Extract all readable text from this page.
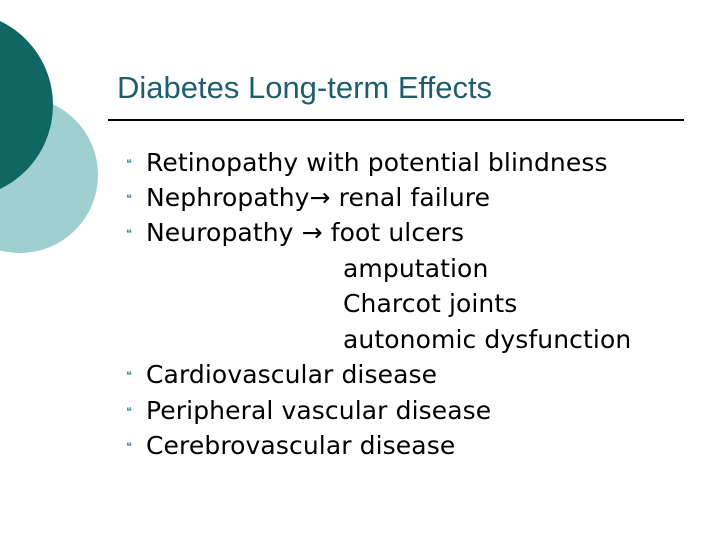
Diabetes Long-term Effects
❝ Retinopathy with potential blindness
❝ Nephropathy→ renal failure
❝ Neuropathy → foot ulcers
amputation
Charcot joints
autonomic dysfunction
❝ Cardiovascular disease
❝ Peripheral vascular disease
❝ Cerebrovascular disease
